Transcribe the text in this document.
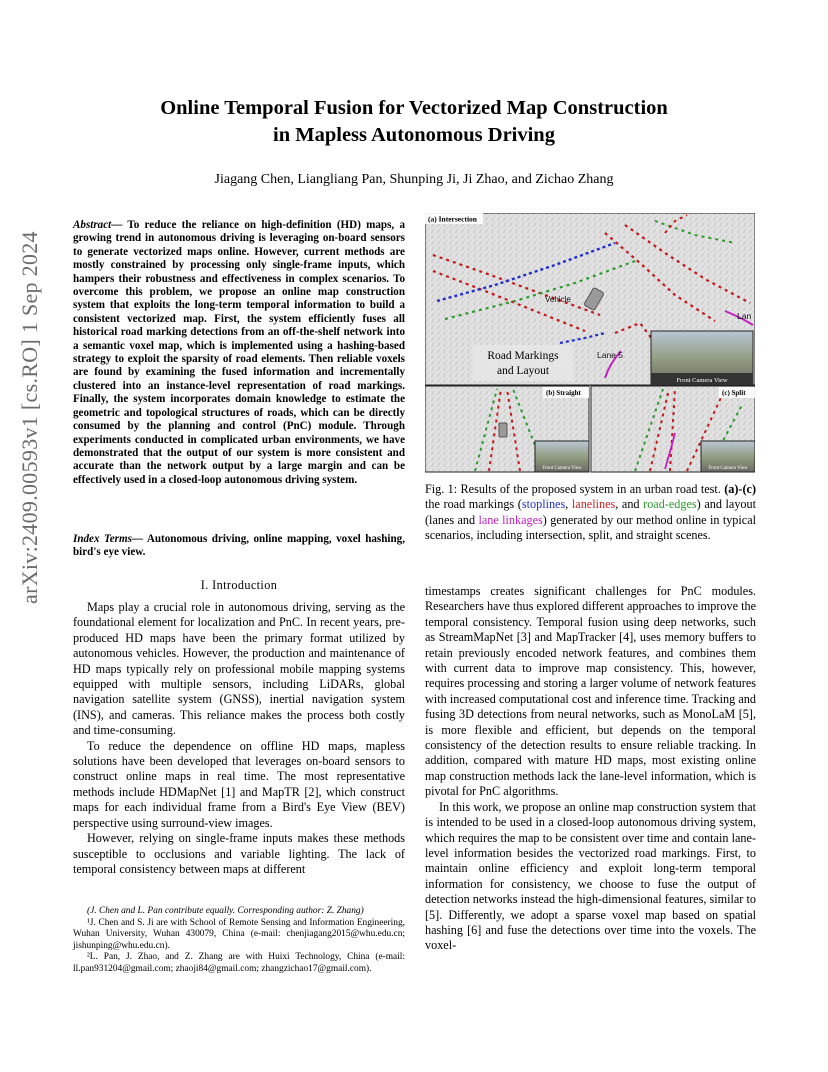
Online Temporal Fusion for Vectorized Map Construction
in Mapless Autonomous Driving
Jiagang Chen, Liangliang Pan, Shunping Ji, Ji Zhao, and Zichao Zhang
arXiv:2409.00593v1 [cs.RO] 1 Sep 2024
Abstract— To reduce the reliance on high-definition (HD) maps, a growing trend in autonomous driving is leveraging on-board sensors to generate vectorized maps online. However, current methods are mostly constrained by processing only single-frame inputs, which hampers their robustness and effectiveness in complex scenarios. To overcome this problem, we propose an online map construction system that exploits the long-term temporal information to build a consistent vectorized map. First, the system efficiently fuses all historical road marking detections from an off-the-shelf network into a semantic voxel map, which is implemented using a hashing-based strategy to exploit the sparsity of road elements. Then reliable voxels are found by examining the fused information and incrementally clustered into an instance-level representation of road markings. Finally, the system incorporates domain knowledge to estimate the geometric and topological structures of roads, which can be directly consumed by the planning and control (PnC) module. Through experiments conducted in complicated urban environments, we have demonstrated that the output of our system is more consistent and accurate than the network output by a large margin and can be effectively used in a closed-loop autonomous driving system.
Index Terms— Autonomous driving, online mapping, voxel hashing, bird's eye view.
I. Introduction

Maps play a crucial role in autonomous driving, serving as the foundational element for localization and PnC. In recent years, pre-produced HD maps have been the primary format utilized by autonomous vehicles. However, the production and maintenance of HD maps typically rely on professional mobile mapping systems equipped with multiple sensors, including LiDARs, global navigation satellite system (GNSS), inertial navigation system (INS), and cameras. This reliance makes the process both costly and time-consuming.

To reduce the dependence on offline HD maps, mapless solutions have been developed that leverages on-board sensors to construct online maps in real time. The most representative methods include HDMapNet [1] and MapTR [2], which construct maps for each individual frame from a Bird's Eye View (BEV) perspective using surround-view images.

However, relying on single-frame inputs makes these methods susceptible to occlusions and variable lighting. The lack of temporal consistency between maps at different

(J. Chen and L. Pan contribute equally. Corresponding author: Z. Zhang)
¹J. Chen and S. Ji are with School of Remote Sensing and Information Engineering, Wuhan University, Wuhan 430079, China (e-mail: chenjiagang2015@whu.edu.cn; jishunping@whu.edu.cn).
²L. Pan, J. Zhao, and Z. Zhang are with Huixi Technology, China (e-mail: ll.pan931204@gmail.com; zhaoji84@gmail.com; zhangzichao17@gmail.com).
(a) Intersection
Vehicle
Lane 5
Lan
Road Markings
and Layout
Front Camera View
(b) Straight
Front Camera View
(c) Split
Front Camera View
Fig. 1: Results of the proposed system in an urban road test. (a)-(c) the road markings (stoplines, lanelines, and road-edges) and layout (lanes and lane linkages) generated by our method online in typical scenarios, including intersection, split, and straight scenes.

timestamps creates significant challenges for PnC modules. Researchers have thus explored different approaches to improve the temporal consistency. Temporal fusion using deep networks, such as StreamMapNet [3] and MapTracker [4], uses memory buffers to retain previously encoded network features, and combines them with current data to improve map consistency. This, however, requires processing and storing a larger volume of network features with increased computational cost and inference time. Tracking and fusing 3D detections from neural networks, such as MonoLaM [5], is more flexible and efficient, but depends on the temporal consistency of the detection results to ensure reliable tracking. In addition, compared with mature HD maps, most existing online map construction methods lack the lane-level information, which is pivotal for PnC algorithms.

In this work, we propose an online map construction system that is intended to be used in a closed-loop autonomous driving system, which requires the map to be consistent over time and contain lane-level information besides the vectorized road markings. First, to maintain online efficiency and exploit long-term temporal information for consistency, we choose to fuse the output of detection networks instead the high-dimensional features, similar to [5]. Differently, we adopt a sparse voxel map based on spatial hashing [6] and fuse the detections over time into the voxels. The voxel-
